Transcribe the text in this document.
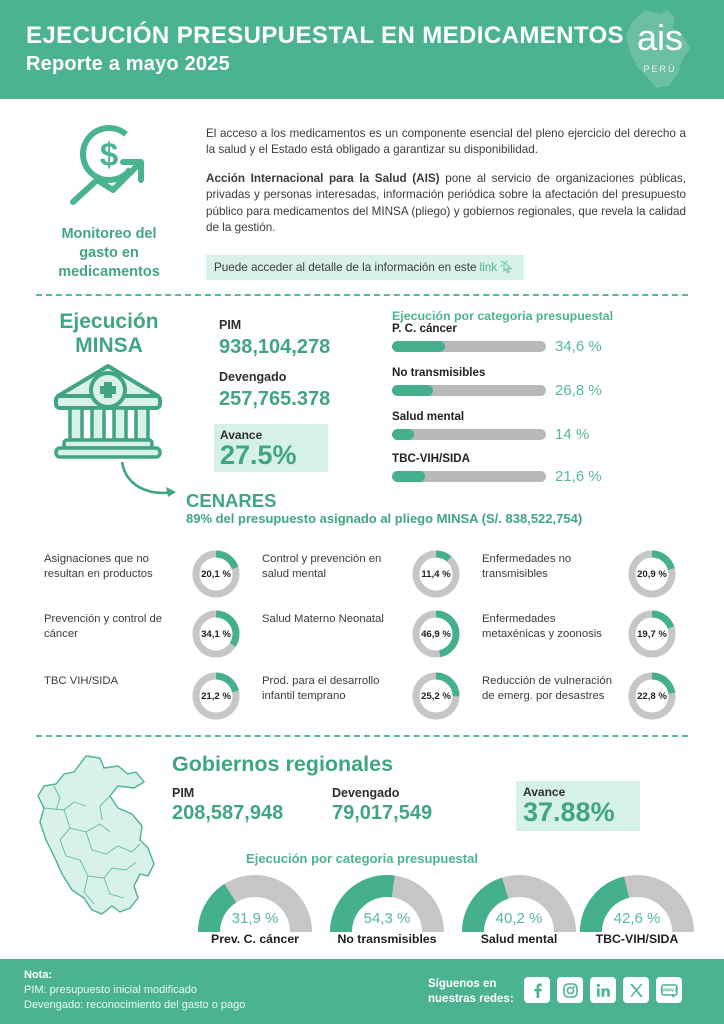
EJECUCIÓN PRESUPUESTAL EN MEDICAMENTOS
Reporte a mayo 2025
ais
PERÚ
$
Monitoreo del
gasto en
medicamentos

El acceso a los medicamentos es un componente esencial del pleno ejercicio del derecho a la salud y el Estado está obligado a garantizar su disponibilidad.

Acción Internacional para la Salud (AIS) pone al servicio de organizaciones públicas, privadas y personas interesadas, información periódica sobre la afectación del presupuesto público para medicamentos del MINSA (pliego) y gobiernos regionales, que revela la calidad de la gestión.

Puede acceder al detalle de la información en este link
Ejecución
MINSA
PIM
938,104,278
Devengado
257,765.378
Avance
27.5%
Ejecución por categoria presupuestal
P. C. cáncer
34,6 %
No transmisibles
26,8 %
Salud mental
14 %
TBC-VIH/SIDA
21,6 %
CENARES
89% del presupuesto asignado al pliego MINSA (S/. 838,522,754)
Asignaciones que no resultan en productos	20,1 %
Control y prevención en salud mental	11,4 %
Enfermedades no transmisibles	20,9 %
Prevención y control de cáncer	34,1 %
Salud Materno Neonatal
46,9 %
Enfermedades metaxénicas y zoonosis	19,7 %
TBC VIH/SIDA
21,2 %
Prod. para el desarrollo infantil temprano	25,2 %
Reducción de vulneración de emerg. por desastres	22,8 %
Gobiernos regionales
PIM
208,587,948
Devengado
79,017,549
Avance
37.88%
Ejecución por categoria presupuestal
31,9 %
Prev. C. cáncer
54,3 %
No transmisibles
40,2 %
Salud mental
42,6 %
TBC-VIH/SIDA
Nota:
PIM: presupuesto inicial modificado
Devengado: reconocimiento del gasto o pago
Síguenos en
nuestras redes:
www.//
